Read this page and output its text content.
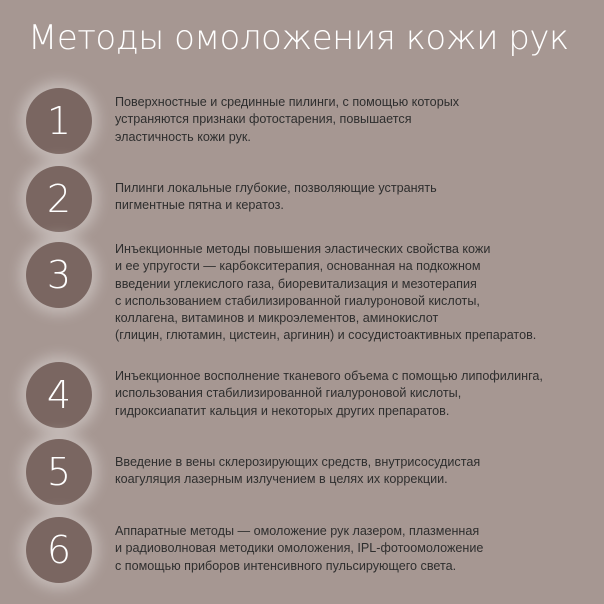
Методы омоложения кожи рук
1	Поверхностные и срединные пилинги, с помощью которых
устраняются признаки фотостарения, повышается
эластичность кожи рук.
2	Пилинги локальные глубокие, позволяющие устранять
пигментные пятна и кератоз.
3
Инъекционные методы повышения эластических свойства кожи
и ее упругости — карбокситерапия, основанная на подкожном
введении углекислого газа, биоревитализация и мезотерапия
с использованием стабилизированной гиалуроновой кислоты,
коллагена, витаминов и микроэлементов, аминокислот
(глицин, глютамин, цистеин, аргинин) и сосудистоактивных препаратов.
4	Инъекционное восполнение тканевого объема с помощью липофилинга,
использования стабилизированной гиалуроновой кислоты,
гидроксиапатит кальция и некоторых других препаратов.
5	Введение в вены склерозирующих средств, внутрисосудистая
коагуляция лазерным излучением в целях их коррекции.
6	Аппаратные методы — омоложение рук лазером, плазменная
и радиоволновая методики омоложения, IPL-фотоомоложение
с помощью приборов интенсивного пульсирующего света.
